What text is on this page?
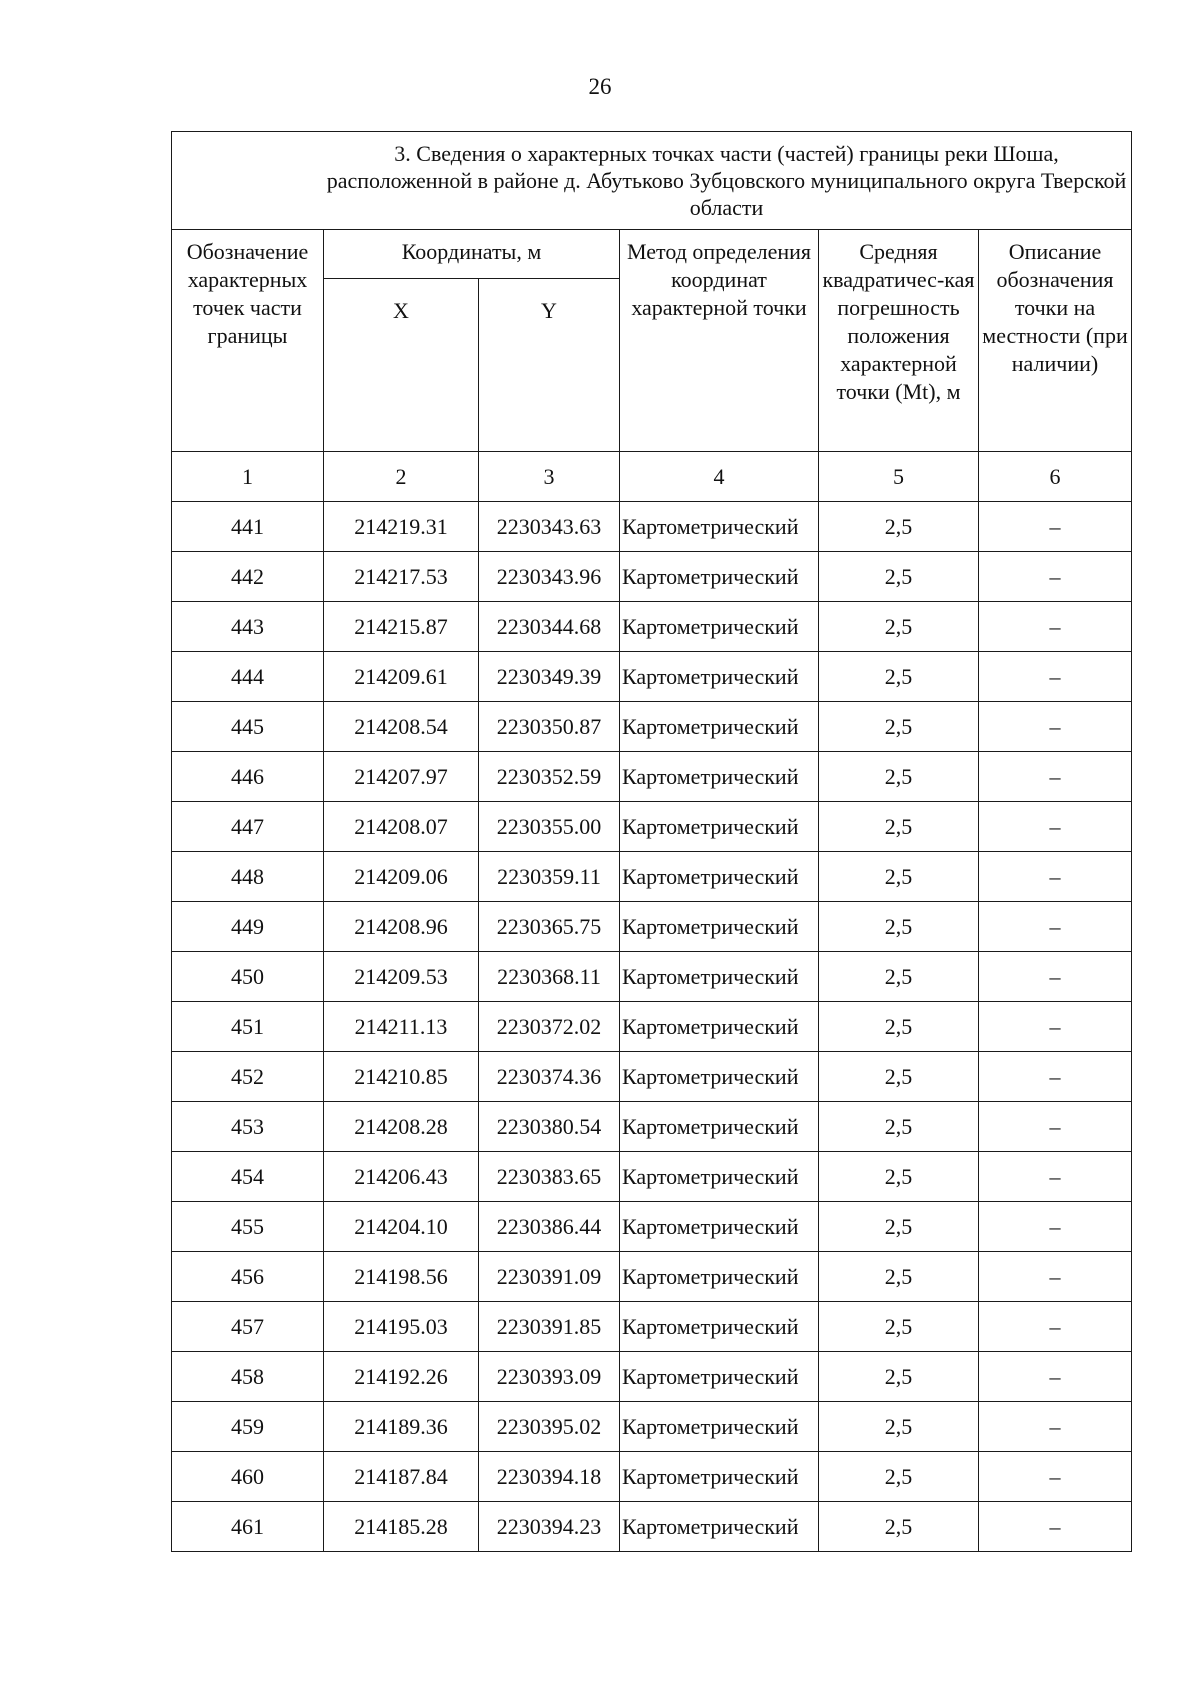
26
3. Сведения о характерных точках части (частей) границы реки Шоша, расположенной в районе д. Абутьково Зубцовского муниципального округа Тверской области					

Обозначение характерных точек части границы	Координаты, м		Метод определения координат характерной точки	Средняя квадратичес-кая погрешность положения характерной точки (Mt), м	Описание обозначения точки на местности (при наличии)

	X	Y			

1	2	3	4	5	6
441	214219.31	2230343.63	Картометрический	2,5	–
442	214217.53	2230343.96	Картометрический	2,5	–
443	214215.87	2230344.68	Картометрический	2,5	–
444	214209.61	2230349.39	Картометрический	2,5	–
445	214208.54	2230350.87	Картометрический	2,5	–
446	214207.97	2230352.59	Картометрический	2,5	–
447	214208.07	2230355.00	Картометрический	2,5	–
448	214209.06	2230359.11	Картометрический	2,5	–
449	214208.96	2230365.75	Картометрический	2,5	–
450	214209.53	2230368.11	Картометрический	2,5	–
451	214211.13	2230372.02	Картометрический	2,5	–
452	214210.85	2230374.36	Картометрический	2,5	–
453	214208.28	2230380.54	Картометрический	2,5	–
454	214206.43	2230383.65	Картометрический	2,5	–
455	214204.10	2230386.44	Картометрический	2,5	–
456	214198.56	2230391.09	Картометрический	2,5	–
457	214195.03	2230391.85	Картометрический	2,5	–
458	214192.26	2230393.09	Картометрический	2,5	–
459	214189.36	2230395.02	Картометрический	2,5	–
460	214187.84	2230394.18	Картометрический	2,5	–
461	214185.28	2230394.23	Картометрический	2,5	–
